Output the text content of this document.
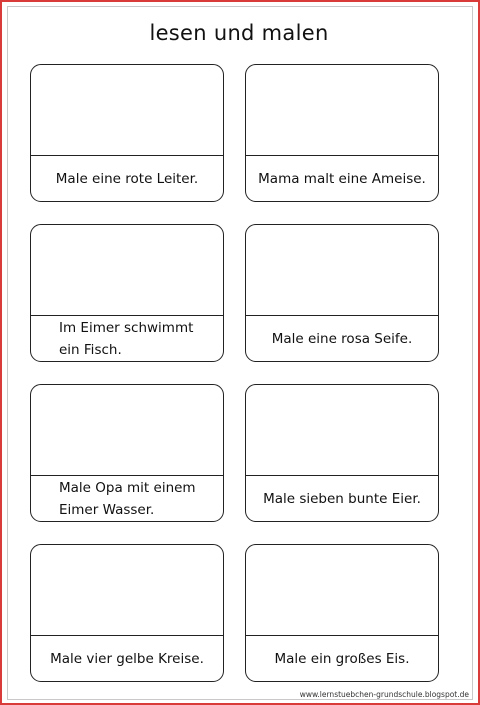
lesen und malen
Male eine rote Leiter.	Mama malt eine Ameise.
Im Eimer schwimmt
ein Fisch.
Male eine rosa Seife.
Male Opa mit einem
Eimer Wasser.
Male sieben bunte Eier.
Male vier gelbe Kreise.	Male ein großes Eis.
www.lernstuebchen-grundschule.blogspot.de
